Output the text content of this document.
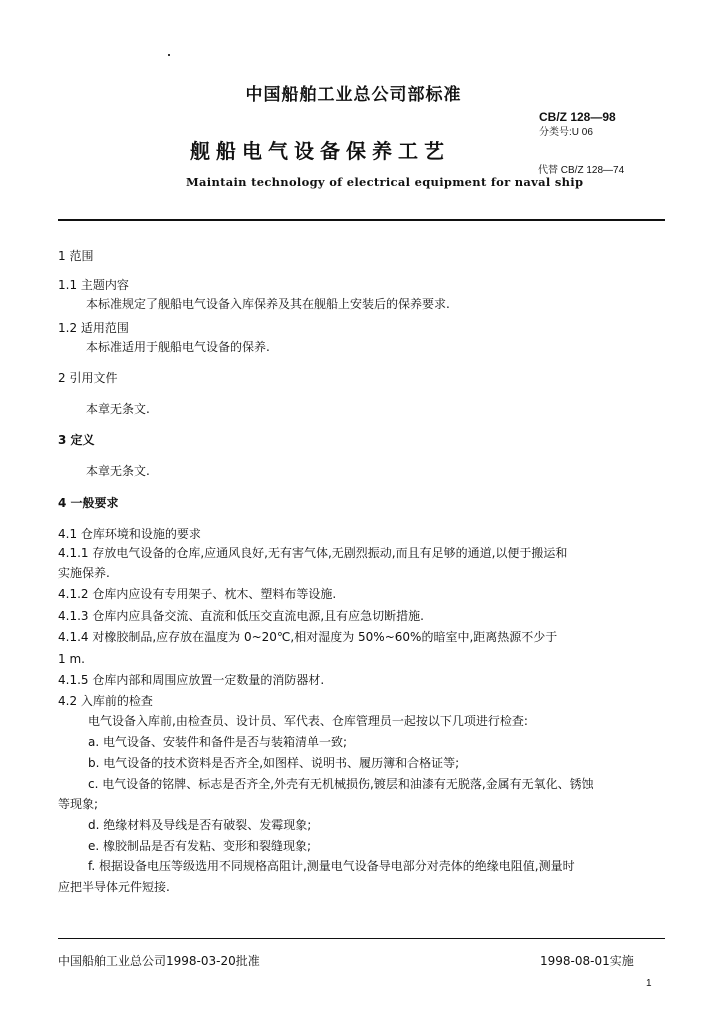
中国船舶工业总公司部标准
CB/Z 128—98
分类号:U 06
舰船电气设备保养工艺
代替 CB/Z 128—74
Maintain technology of electrical equipment for naval ship
1 范围
1.1 主题内容
本标准规定了舰船电气设备入库保养及其在舰船上安装后的保养要求.
1.2 适用范围
本标准适用于舰船电气设备的保养.
2 引用文件
本章无条文.
3 定义
本章无条文.
4 一般要求
4.1 仓库环境和设施的要求
4.1.1 存放电气设备的仓库,应通风良好,无有害气体,无剧烈振动,而且有足够的通道,以便于搬运和
实施保养.
4.1.2 仓库内应设有专用架子、枕木、塑料布等设施.
4.1.3 仓库内应具备交流、直流和低压交直流电源,且有应急切断措施.
4.1.4 对橡胶制品,应存放在温度为 0~20℃,相对湿度为 50%~60%的暗室中,距离热源不少于
1 m.
4.1.5 仓库内部和周围应放置一定数量的消防器材.
4.2 入库前的检查
电气设备入库前,由检查员、设计员、军代表、仓库管理员一起按以下几项进行检查:
a. 电气设备、安装件和备件是否与装箱清单一致;
b. 电气设备的技术资料是否齐全,如图样、说明书、履历簿和合格证等;
c. 电气设备的铭牌、标志是否齐全,外壳有无机械损伤,镀层和油漆有无脱落,金属有无氧化、锈蚀
等现象;
d. 绝缘材料及导线是否有破裂、发霉现象;
e. 橡胶制品是否有发粘、变形和裂缝现象;
f. 根据设备电压等级选用不同规格高阻计,测量电气设备导电部分对壳体的绝缘电阻值,测量时
应把半导体元件短接.
中国船舶工业总公司1998-03-20批准	1998-08-01实施
1
